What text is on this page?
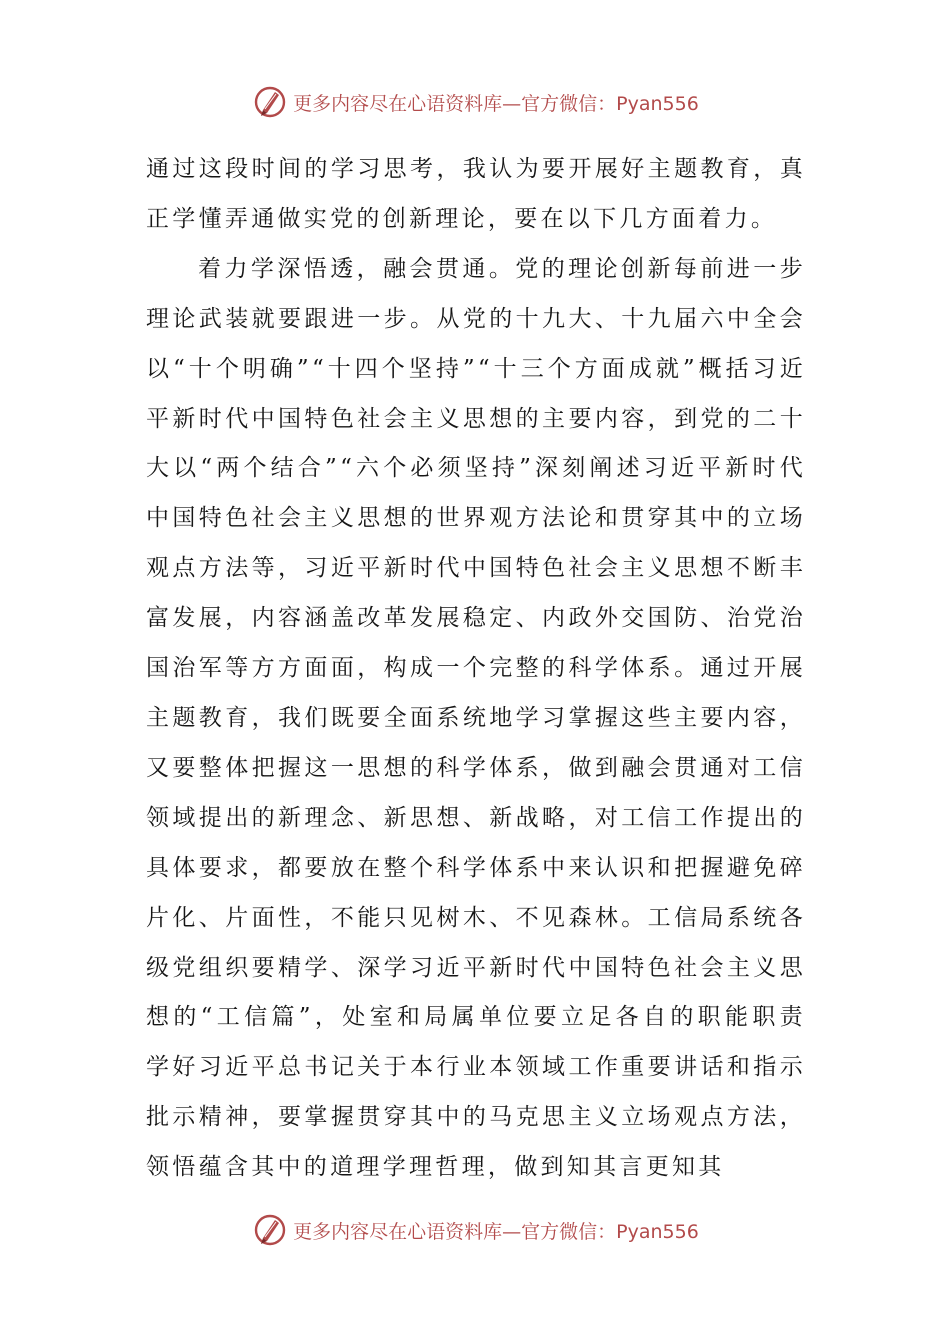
更多内容尽在心语资料库—官方微信：Pyan556

通过这段时间的学习思考，我认为要开展好主题教育，真正学懂弄通做实党的创新理论，要在以下几方面着力。

着力学深悟透，融会贯通。党的理论创新每前进一步理论武装就要跟进一步。从党的十九大、十九届六中全会以“十个明确”“十四个坚持”“十三个方面成就”概括习近平新时代中国特色社会主义思想的主要内容，到党的二十大以“两个结合”“六个必须坚持”深刻阐述习近平新时代中国特色社会主义思想的世界观方法论和贯穿其中的立场观点方法等，习近平新时代中国特色社会主义思想不断丰富发展，内容涵盖改革发展稳定、内政外交国防、治党治国治军等方方面面，构成一个完整的科学体系。通过开展主题教育，我们既要全面系统地学习掌握这些主要内容，又要整体把握这一思想的科学体系，做到融会贯通对工信领域提出的新理念、新思想、新战略，对工信工作提出的具体要求，都要放在整个科学体系中来认识和把握避免碎片化、片面性，不能只见树木、不见森林。工信局系统各级党组织要精学、深学习近平新时代中国特色社会主义思想的“工信篇”，处室和局属单位要立足各自的职能职责学好习近平总书记关于本行业本领域工作重要讲话和指示批示精神，要掌握贯穿其中的马克思主义立场观点方法，领悟蕴含其中的道理学理哲理，做到知其言更知其

更多内容尽在心语资料库—官方微信：Pyan556
